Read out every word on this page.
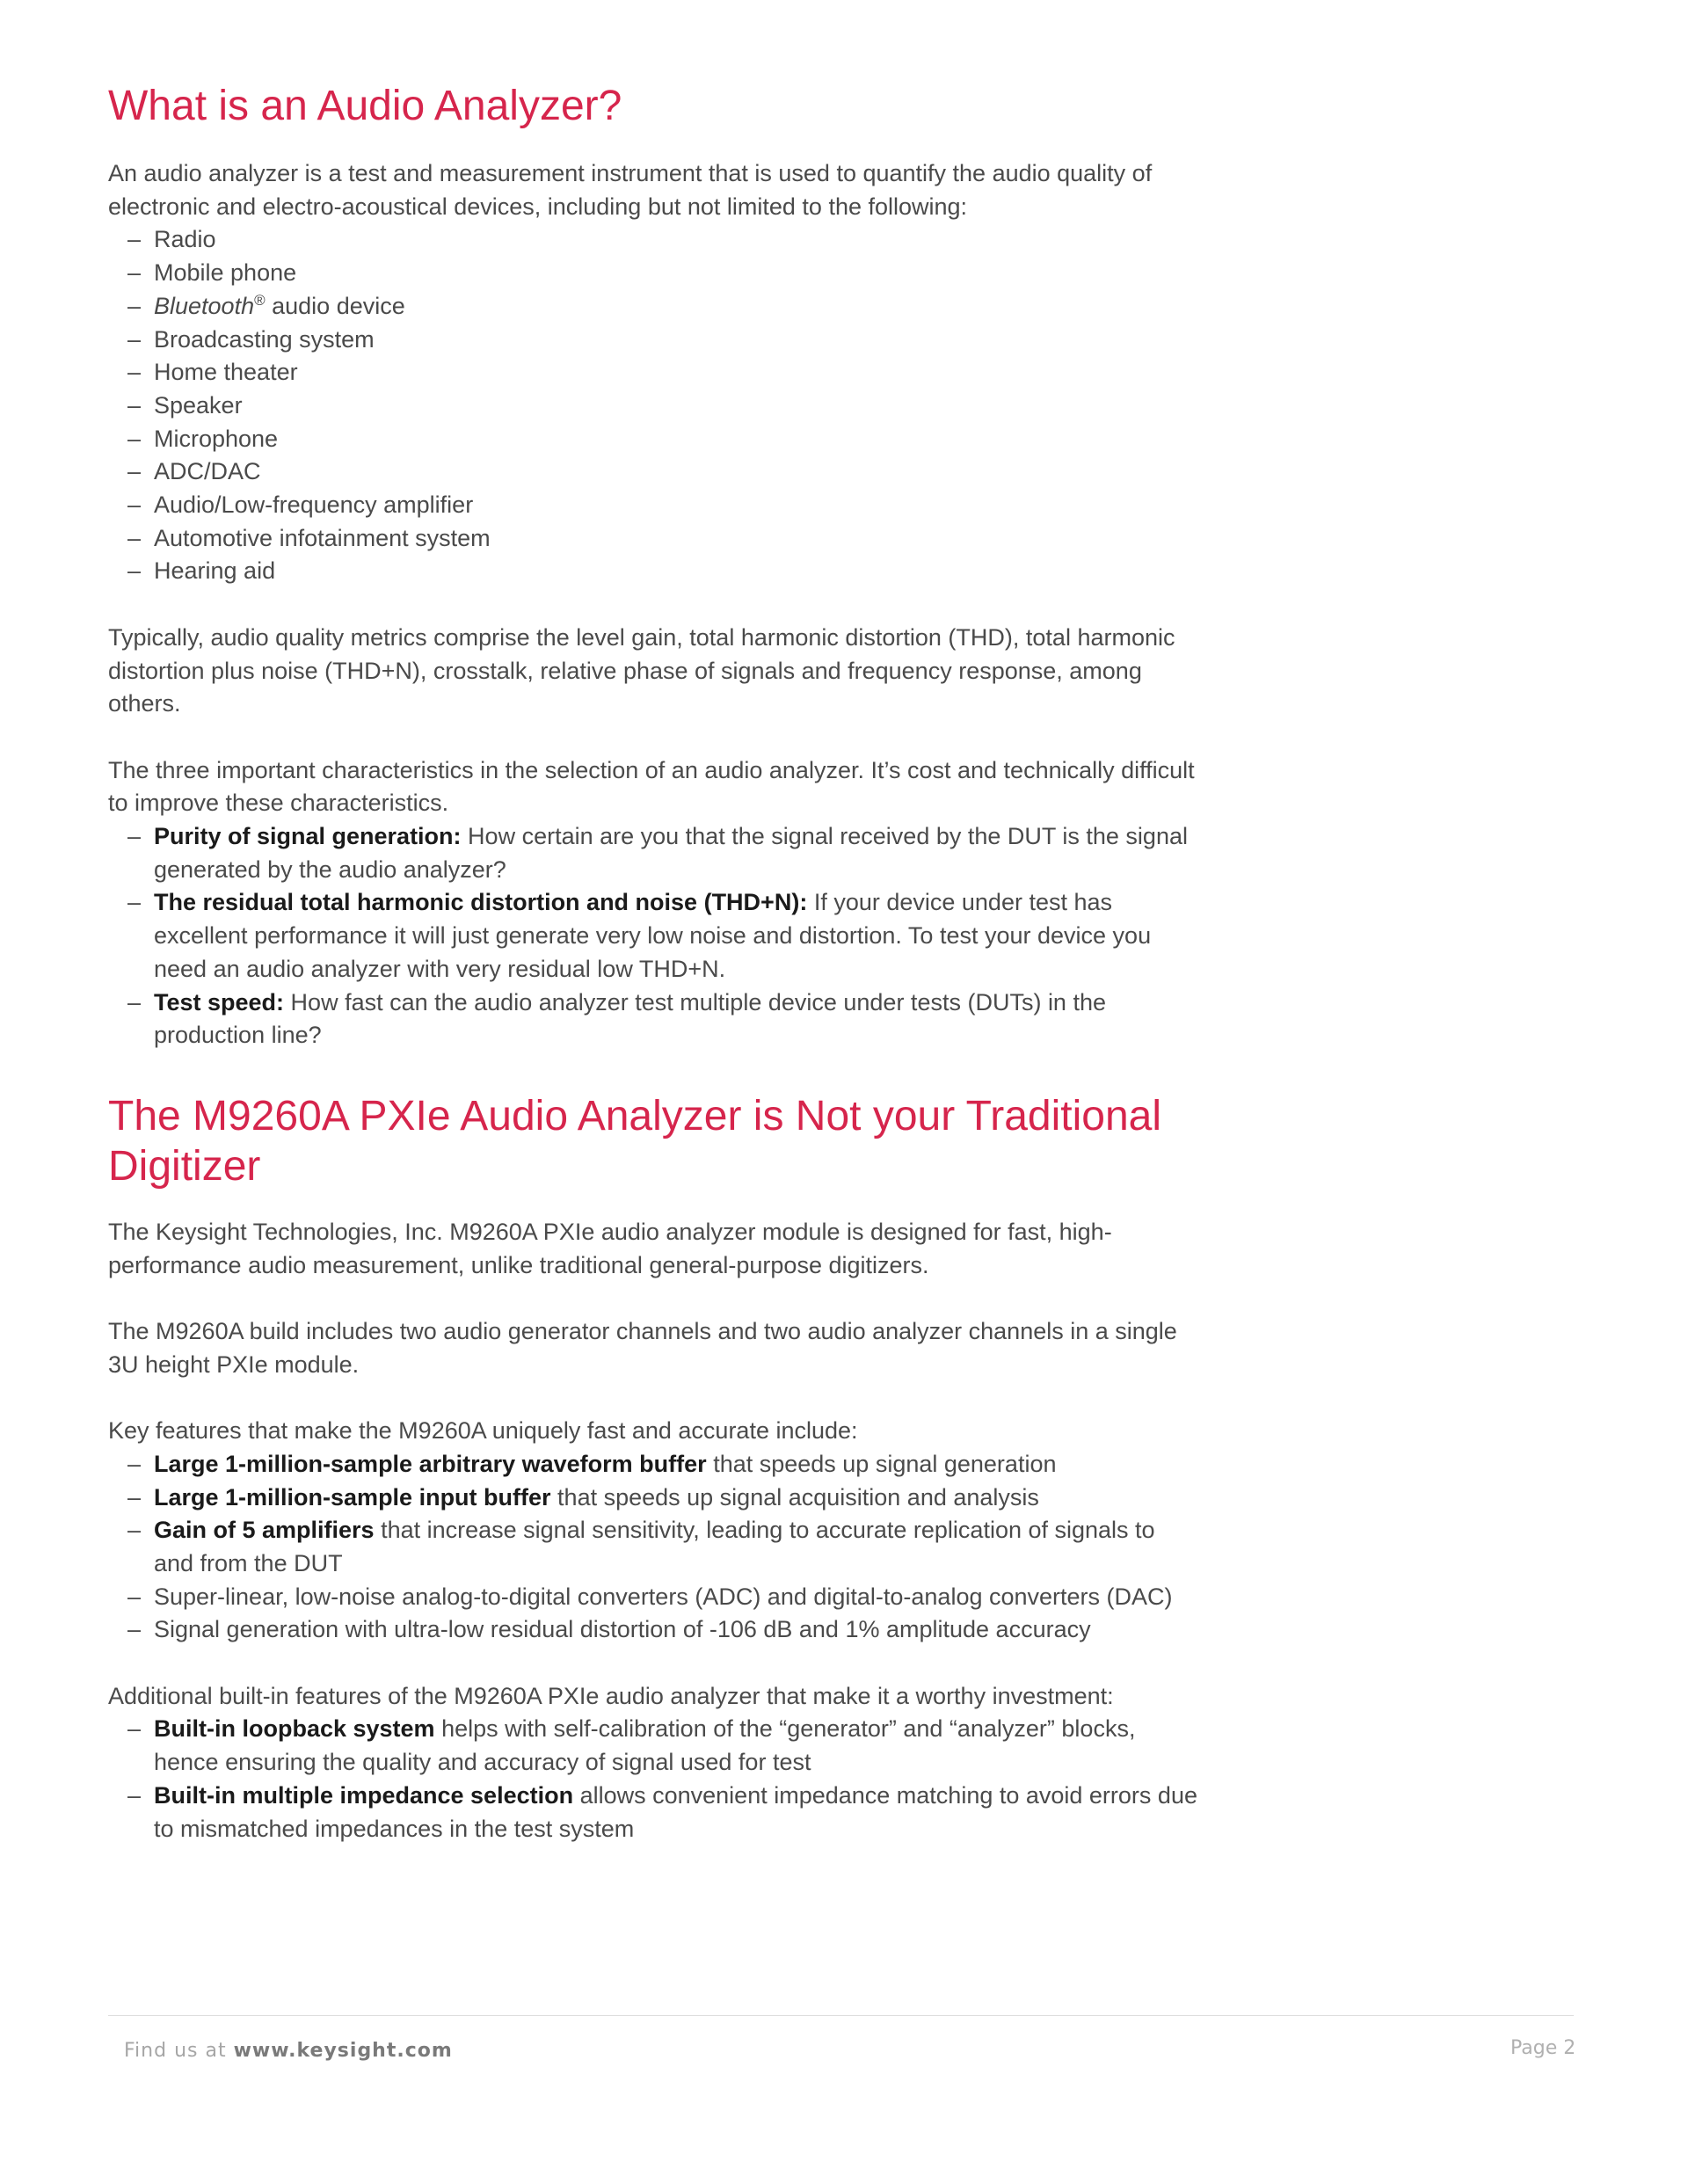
What is an Audio Analyzer?

An audio analyzer is a test and measurement instrument that is used to quantify the audio quality of electronic and electro-acoustical devices, including but not limited to the following:

– Radio
– Mobile phone
– Bluetooth® audio device
– Broadcasting system
– Home theater
– Speaker
– Microphone
– ADC/DAC
– Audio/Low-frequency amplifier
– Automotive infotainment system
– Hearing aid

Typically, audio quality metrics comprise the level gain, total harmonic distortion (THD), total harmonic distortion plus noise (THD+N), crosstalk, relative phase of signals and frequency response, among others.

The three important characteristics in the selection of an audio analyzer. It’s cost and technically difficult to improve these characteristics.

– Purity of signal generation: How certain are you that the signal received by the DUT is the signal generated by the audio analyzer?
– The residual total harmonic distortion and noise (THD+N): If your device under test has excellent performance it will just generate very low noise and distortion. To test your device you need an audio analyzer with very residual low THD+N.
– Test speed: How fast can the audio analyzer test multiple device under tests (DUTs) in the production line?
The M9260A PXIe Audio Analyzer is Not your Traditional Digitizer

The Keysight Technologies, Inc. M9260A PXIe audio analyzer module is designed for fast, high-performance audio measurement, unlike traditional general-purpose digitizers.

The M9260A build includes two audio generator channels and two audio analyzer channels in a single 3U height PXIe module.

Key features that make the M9260A uniquely fast and accurate include:

– Large 1-million-sample arbitrary waveform buffer that speeds up signal generation
– Large 1-million-sample input buffer that speeds up signal acquisition and analysis
– Gain of 5 amplifiers that increase signal sensitivity, leading to accurate replication of signals to and from the DUT
– Super-linear, low-noise analog-to-digital converters (ADC) and digital-to-analog converters (DAC)
– Signal generation with ultra-low residual distortion of -106 dB and 1% amplitude accuracy

Additional built-in features of the M9260A PXIe audio analyzer that make it a worthy investment:

– Built-in loopback system helps with self-calibration of the “generator” and “analyzer” blocks, hence ensuring the quality and accuracy of signal used for test
– Built-in multiple impedance selection allows convenient impedance matching to avoid errors due to mismatched impedances in the test system
Find us at www.keysight.com	Page 2
